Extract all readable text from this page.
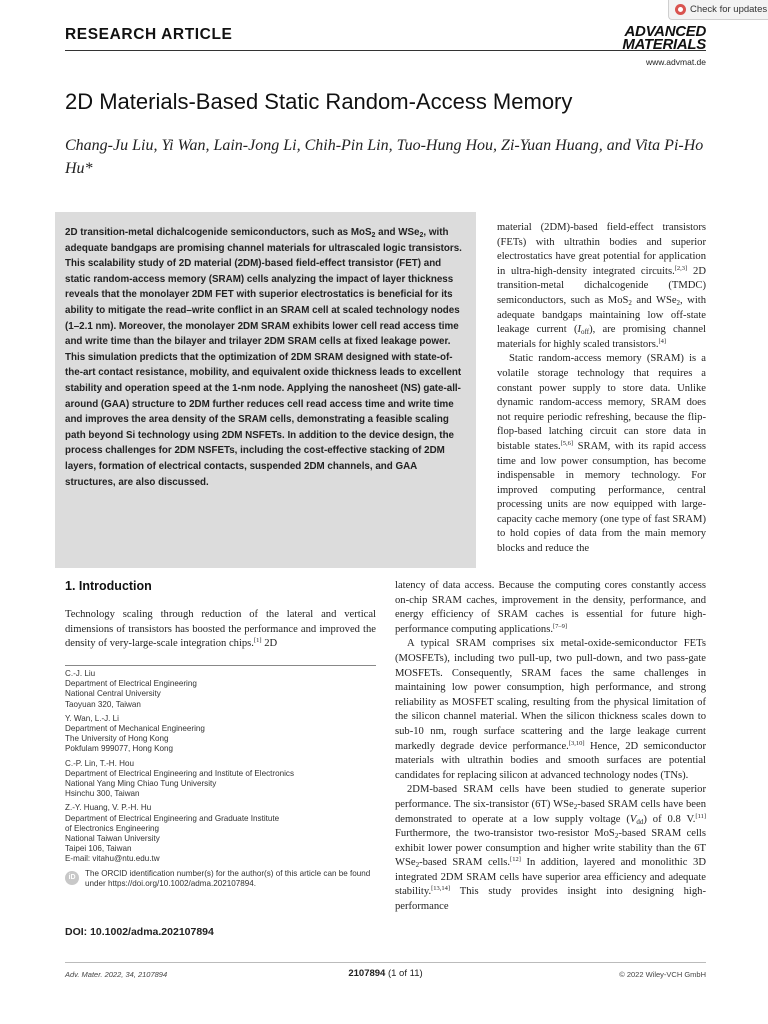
Check for updates
RESEARCH ARTICLE	ADVANCED
MATERIALS
www.advmat.de
2D Materials-Based Static Random-Access Memory
Chang-Ju Liu, Yi Wan, Lain-Jong Li, Chih-Pin Lin, Tuo-Hung Hou, Zi-Yuan Huang, and Vita Pi-Ho Hu*
2D transition-metal dichalcogenide semiconductors, such as MoS$_2$ and WSe$_2$, with adequate bandgaps are promising channel materials for ultrascaled logic transistors. This scalability study of 2D material (2DM)-based field-effect transistor (FET) and static random-access memory (SRAM) cells analyzing the impact of layer thickness reveals that the monolayer 2DM FET with superior electrostatics is beneficial for its ability to mitigate the read–write conflict in an SRAM cell at scaled technology nodes (1–2.1 nm). Moreover, the monolayer 2DM SRAM exhibits lower cell read access time and write time than the bilayer and trilayer 2DM SRAM cells at fixed leakage power. This simulation predicts that the optimization of 2DM SRAM designed with state-of-the-art contact resistance, mobility, and equivalent oxide thickness leads to excellent stability and operation speed at the 1-nm node. Applying the nanosheet (NS) gate-all-around (GAA) structure to 2DM further reduces cell read access time and write time and improves the area density of the SRAM cells, demonstrating a feasible scaling path beyond Si technology using 2DM NSFETs. In addition to the device design, the process challenges for 2DM NSFETs, including the cost-effective stacking of 2DM layers, formation of electrical contacts, suspended 2DM channels, and GAA structures, are also discussed.

material (2DM)-based field-effect transistors (FETs) with ultrathin bodies and superior electrostatics have great potential for application in ultra-high-density integrated circuits.[2,3] 2D transition-metal dichalcogenide (TMDC) semiconductors, such as MoS$_2$ and WSe$_2$, with adequate bandgaps maintaining low off-state leakage current $(I_{off})$, are promising channel materials for highly scaled transistors.[4]

Static random-access memory (SRAM) is a volatile storage technology that requires a constant power supply to store data. Unlike dynamic random-access memory, SRAM does not require periodic refreshing, because the flip-flop-based latching circuit can store data in bistable states.[5,6] SRAM, with its rapid access time and low power consumption, has become indispensable in memory technology. For improved computing performance, central processing units are now equipped with large-capacity cache memory (one type of fast SRAM) to hold copies of data from the main memory blocks and reduce the

1. Introduction

Technology scaling through reduction of the lateral and vertical dimensions of transistors has boosted the performance and improved the density of very-large-scale integration chips.[1] 2D

latency of data access. Because the computing cores constantly access on-chip SRAM caches, improvement in the density, performance, and energy efficiency of SRAM caches is essential for future high-performance computing applications.[7–9]

A typical SRAM comprises six metal-oxide-semiconductor FETs (MOSFETs), including two pull-up, two pull-down, and two pass-gate MOSFETs. Consequently, SRAM faces the same challenges in maintaining low power consumption, high performance, and strong reliability as MOSFET scaling, resulting from the physical limitation of the silicon channel material. When the silicon thickness scales down to sub-10 nm, rough surface scattering and the large leakage current markedly degrade device performance.[3,10] Hence, 2D semiconductor materials with ultrathin bodies and smooth surfaces are potential candidates for replacing silicon at advanced technology nodes (TNs).

2DM-based SRAM cells have been studied to generate superior performance. The six-transistor (6T) WSe$_2$-based SRAM cells have been demonstrated to operate at a low supply voltage $(V_{dd})$ of 0.8 V.[11] Furthermore, the two-transistor two-resistor MoS$_2$-based SRAM cells exhibit lower power consumption and higher write stability than the 6T WSe$_2$-based SRAM cells.[12] In addition, layered and monolithic 3D integrated 2DM SRAM cells have superior area efficiency and adequate stability.[13,14] This study provides insight into designing high-performance

C.-J. Liu
Department of Electrical Engineering
National Central University
Taoyuan 320, Taiwan
Y. Wan, L.-J. Li
Department of Mechanical Engineering
The University of Hong Kong
Pokfulam 999077, Hong Kong
C.-P. Lin, T.-H. Hou
Department of Electrical Engineering and Institute of Electronics
National Yang Ming Chiao Tung University
Hsinchu 300, Taiwan
Z.-Y. Huang, V. P.-H. Hu
Department of Electrical Engineering and Graduate Institute
of Electronics Engineering
National Taiwan University
Taipei 106, Taiwan
E-mail: vitahu@ntu.edu.tw
iD	The ORCID identification number(s) for the author(s) of this article can be found under https://doi.org/10.1002/adma.202107894.
DOI: 10.1002/adma.202107894
Adv. Mater. 2022, 34, 2107894	2107894 (1 of 11)	© 2022 Wiley-VCH GmbH
